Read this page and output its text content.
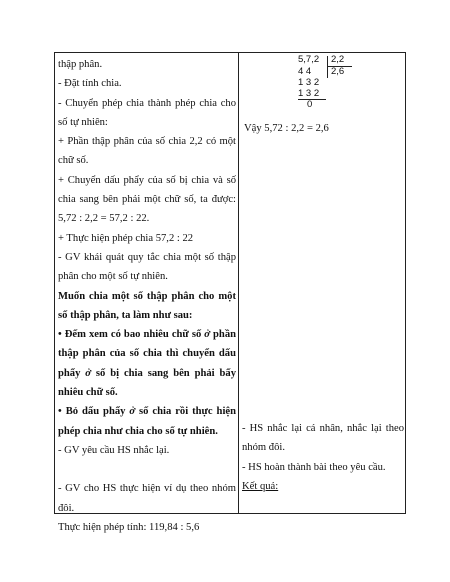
thập phân.

- Đặt tính chia.

- Chuyển phép chia thành phép chia cho số tự nhiên:

+ Phần thập phân của số chia 2,2 có một chữ số.

+ Chuyển dấu phẩy của số bị chia và số chia sang bên phải một chữ số, ta được: 5,72 : 2,2 = 57,2 : 22.

+ Thực hiện phép chia 57,2 : 22

- GV khái quát quy tắc chia một số thập phân cho một số tự nhiên.

Muốn chia một số thập phân cho một số thập phân, ta làm như sau:

• Đếm xem có bao nhiêu chữ số ở phần thập phân của số chia thì chuyển dấu phẩy ở số bị chia sang bên phải bấy nhiêu chữ số.

• Bỏ dấu phẩy ở số chia rồi thực hiện phép chia như chia cho số tự nhiên.

- GV yêu cầu HS nhắc lại.

- GV cho HS thực hiện ví dụ theo nhóm đôi.

Thực hiện phép tính: 119,84 : 5,6

5,7,2 2,2
4 4 2,6
1 3 2
1 3 2
0

Vậy 5,72 : 2,2 = 2,6

- HS nhắc lại cá nhân, nhắc lại theo nhóm đôi.

- HS hoàn thành bài theo yêu cầu.

Kết quả:
